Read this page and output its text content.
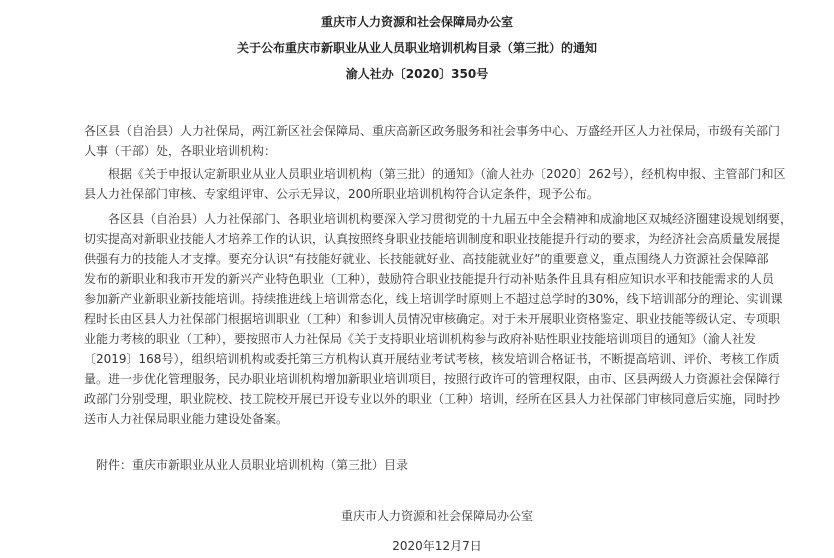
重庆市人力资源和社会保障局办公室
关于公布重庆市新职业从业人员职业培训机构目录（第三批）的通知
渝人社办〔2020〕350号
各区县（自治县）人力社保局，两江新区社会保障局、重庆高新区政务服务和社会事务中心、万盛经开区人力社保局，市级有关部门
人事（干部）处，各职业培训机构：
根据《关于申报认定新职业从业人员职业培训机构（第三批）的通知》（渝人社办〔2020〕262号），经机构申报、主管部门和区
县人力社保部门审核、专家组评审、公示无异议，200所职业培训机构符合认定条件，现予公布。
各区县（自治县）人力社保部门、各职业培训机构要深入学习贯彻党的十九届五中全会精神和成渝地区双城经济圈建设规划纲要，
切实提高对新职业技能人才培养工作的认识，认真按照终身职业技能培训制度和职业技能提升行动的要求，为经济社会高质量发展提
供强有力的技能人才支撑。要充分认识“有技能好就业、长技能就好业、高技能就业好”的重要意义，重点围绕人力资源社会保障部
发布的新职业和我市开发的新兴产业特色职业（工种），鼓励符合职业技能提升行动补贴条件且具有相应知识水平和技能需求的人员
参加新产业新职业新技能培训。持续推进线上培训常态化，线上培训学时原则上不超过总学时的30%，线下培训部分的理论、实训课
程时长由区县人力社保部门根据培训职业（工种）和参训人员情况审核确定。对于未开展职业资格鉴定、职业技能等级认定、专项职
业能力考核的职业（工种），要按照市人力社保局《关于支持职业培训机构参与政府补贴性职业技能培训项目的通知》（渝人社发
〔2019〕168号），组织培训机构或委托第三方机构认真开展结业考试考核，核发培训合格证书，不断提高培训、评价、考核工作质
量。进一步优化管理服务，民办职业培训机构增加新职业培训项目，按照行政许可的管理权限，由市、区县两级人力资源社会保障行
政部门分别受理，职业院校、技工院校开展已开设专业以外的职业（工种）培训，经所在区县人力社保部门审核同意后实施，同时抄
送市人力社保局职业能力建设处备案。
附件：重庆市新职业从业人员职业培训机构（第三批）目录
重庆市人力资源和社会保障局办公室
2020年12月7日
